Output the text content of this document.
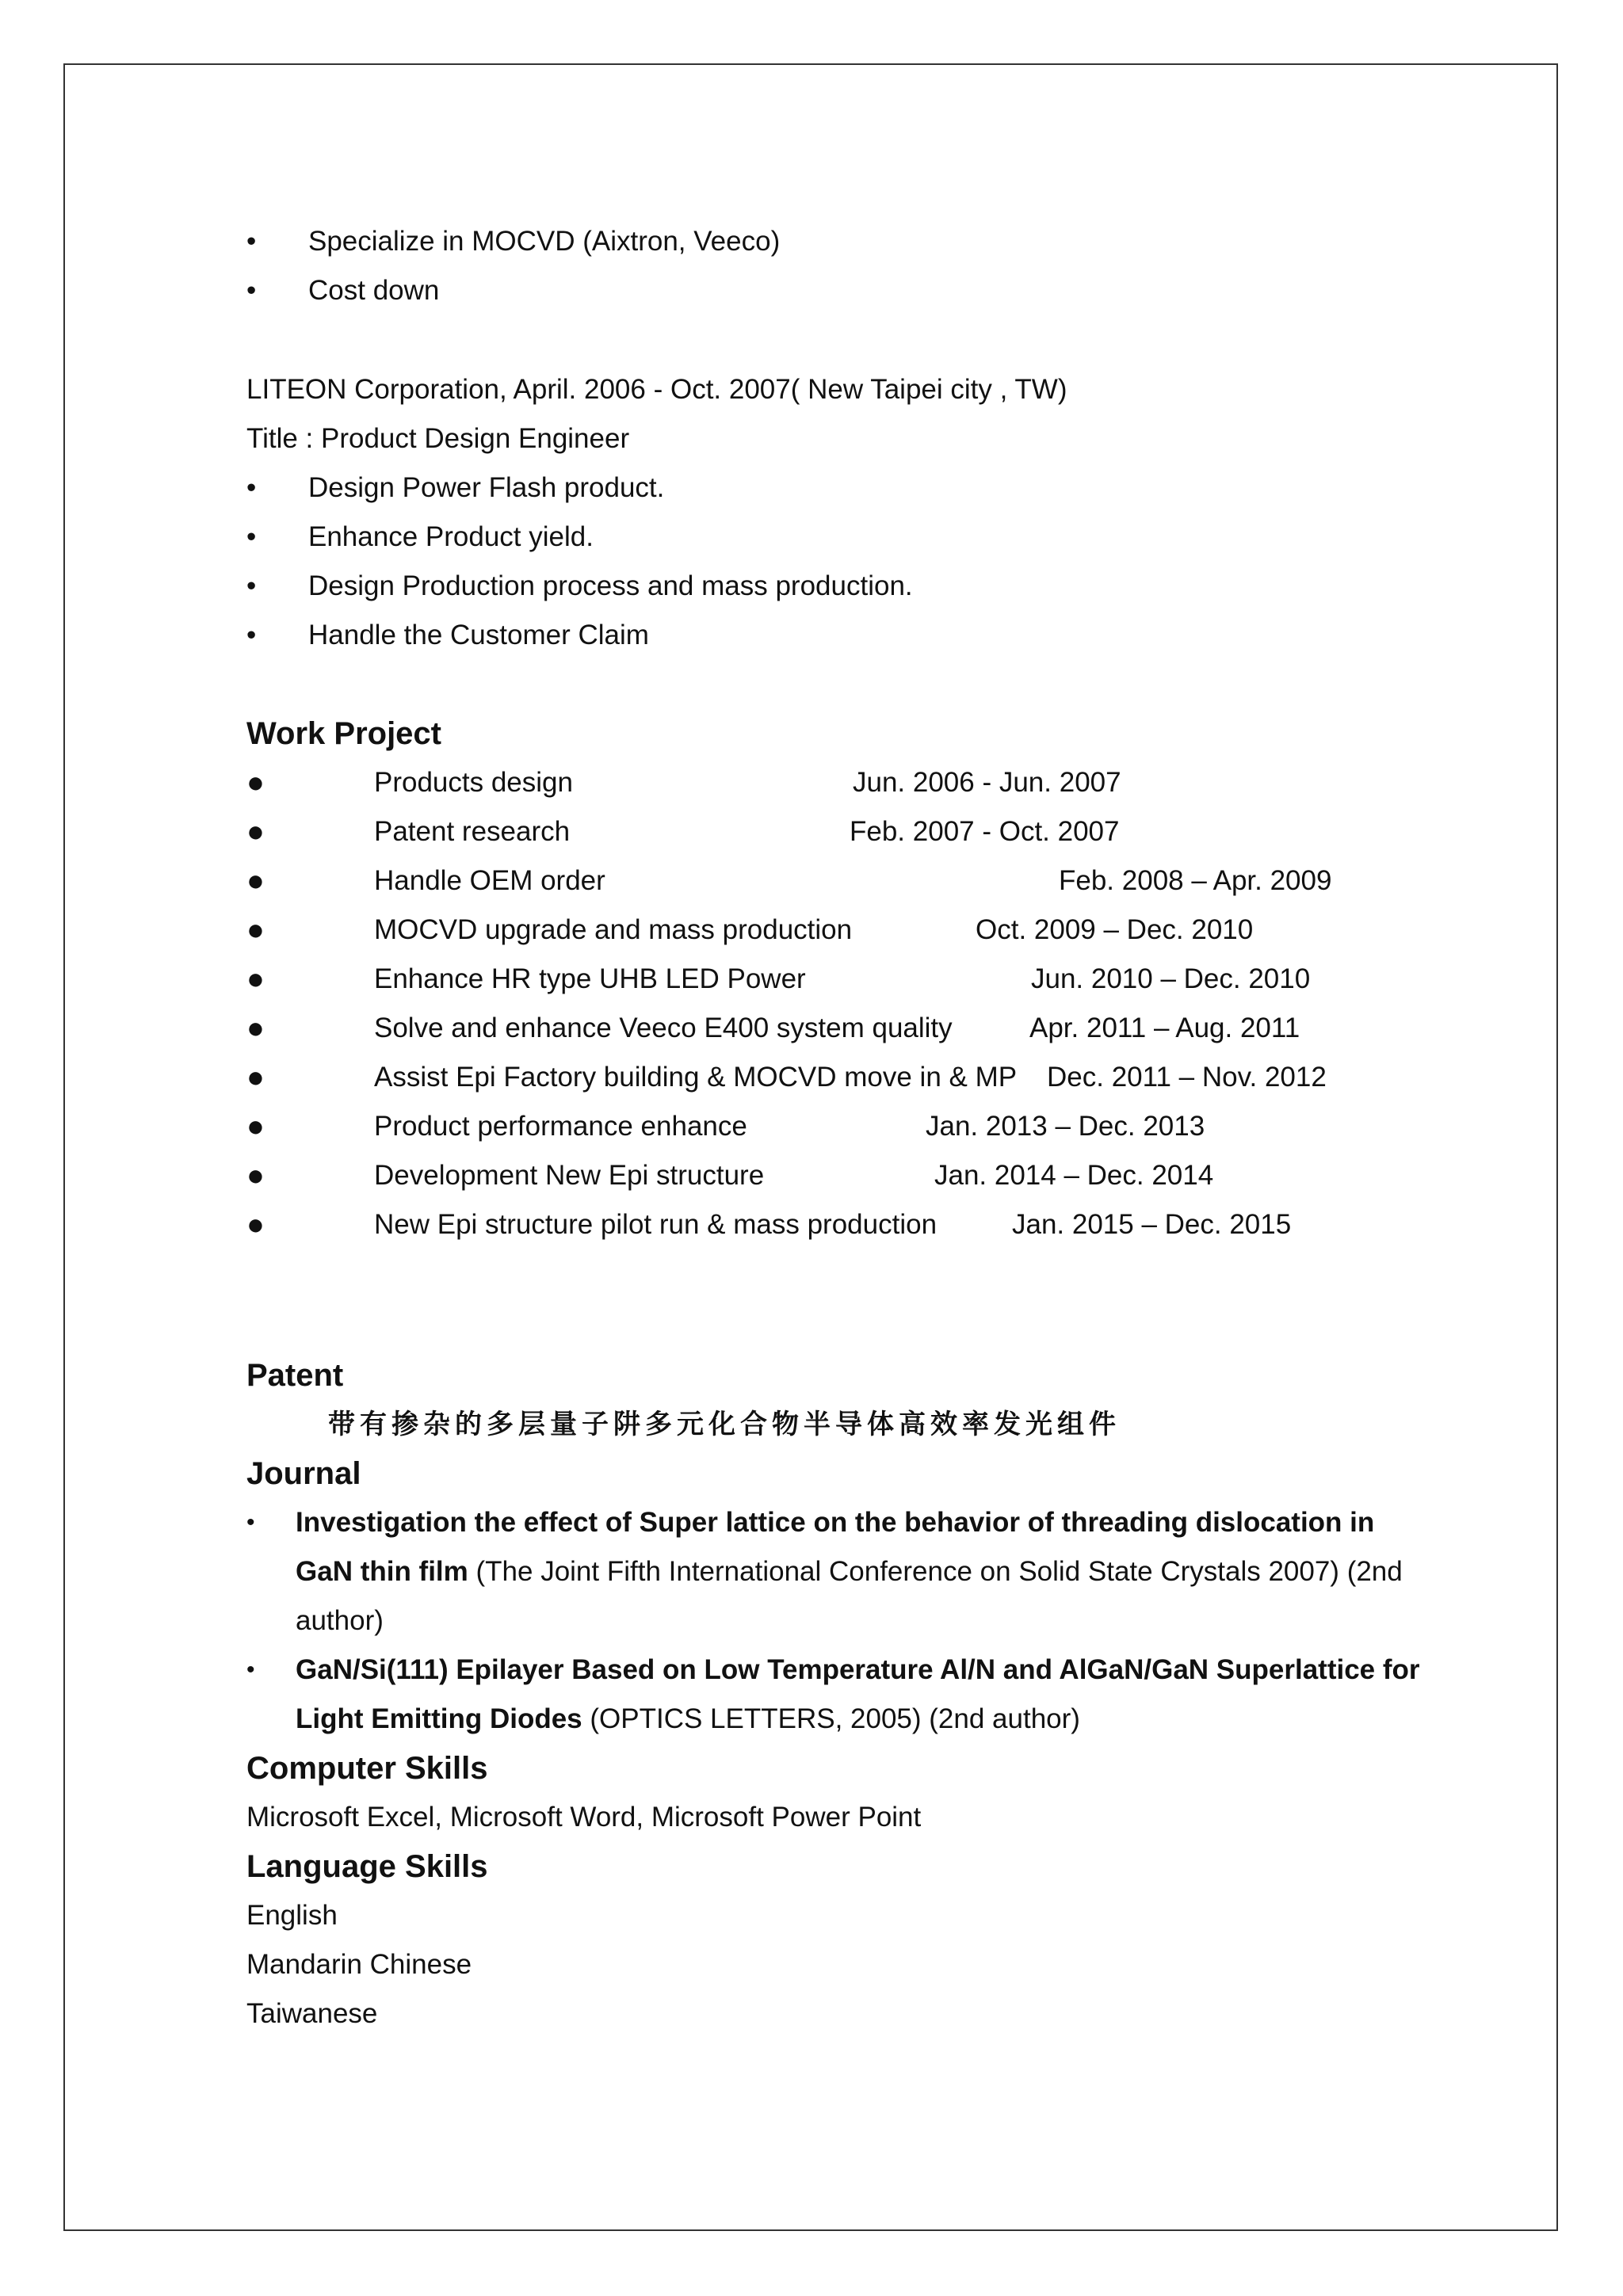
• Specialize in MOCVD (Aixtron, Veeco)
• Cost down
LITEON Corporation, April. 2006 - Oct. 2007( New Taipei city , TW)
Title : Product Design Engineer
• Design Power Flash product.
• Enhance Product yield.
• Design Production process and mass production.
• Handle the Customer Claim
Work Project
●	Products design	Jun. 2006 - Jun. 2007
●	Patent research	Feb. 2007 - Oct. 2007
●	Handle OEM order	Feb. 2008 – Apr. 2009
●	MOCVD upgrade and mass production	Oct. 2009 – Dec. 2010
●	Enhance HR type UHB LED Power	Jun. 2010 – Dec. 2010
●	Solve and enhance Veeco E400 system quality	Apr. 2011 – Aug. 2011
●	Assist Epi Factory building & MOCVD move in & MP Dec. 2011 – Nov. 2012
●	Product performance enhance	Jan. 2013 – Dec. 2013
●	Development New Epi structure	Jan. 2014 – Dec. 2014
●	New Epi structure pilot run & mass production	Jan. 2015 – Dec. 2015
Patent
带有掺杂的多层量子阱多元化合物半导体高效率发光组件
Journal
• Investigation the effect of Super lattice on the behavior of threading dislocation in GaN thin film (The Joint Fifth International Conference on Solid State Crystals 2007) (2nd author)
• GaN/Si(111) Epilayer Based on Low Temperature Al/N and AlGaN/GaN Superlattice for Light Emitting Diodes (OPTICS LETTERS, 2005) (2nd author)
Computer Skills
Microsoft Excel, Microsoft Word, Microsoft Power Point
Language Skills
English
Mandarin Chinese
Taiwanese
